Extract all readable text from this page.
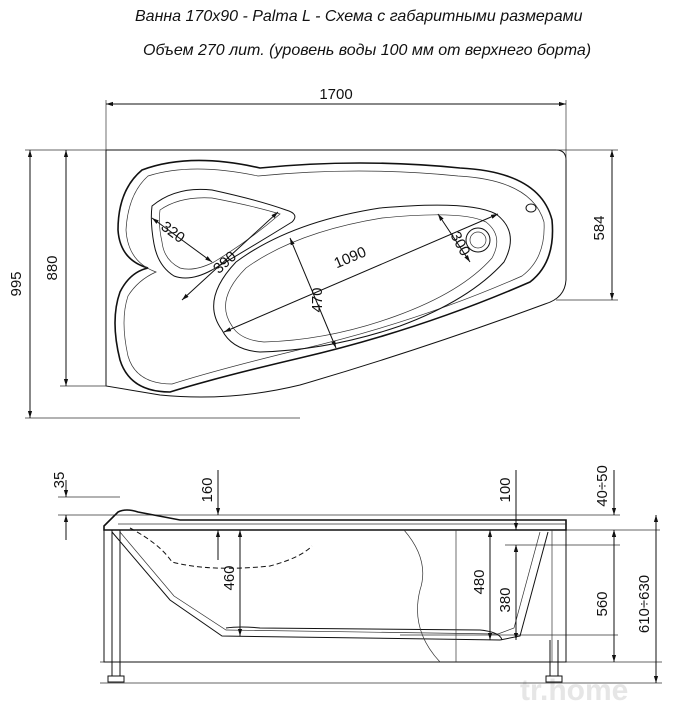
Ванна 170x90 - Palma L - Схема с габаритными размерами
Объем 270 лит. (уровень воды 100 мм от верхнего борта)
tr.home
1700
995
880
584
320
390	1090
470
300
35	160
460
100
480
380
40÷50
560 610÷630
